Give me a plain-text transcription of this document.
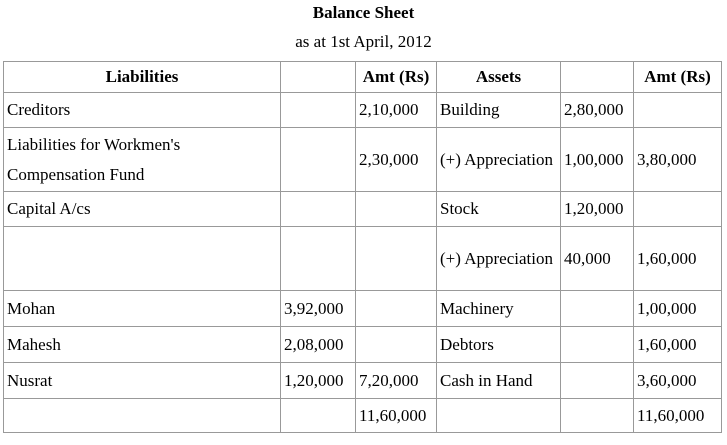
Balance Sheet
as at 1st April, 2012
Liabilities		Amt (Rs)	Assets		Amt (Rs)
Creditors		2,10,000	Building	2,80,000	
Liabilities for Workmen's Compensation Fund		2,30,000	(+) Appreciation	1,00,000	3,80,000
Capital A/cs			Stock	1,20,000	
			(+) Appreciation	40,000	1,60,000
Mohan	3,92,000		Machinery		1,00,000
Mahesh	2,08,000		Debtors		1,60,000
Nusrat	1,20,000	7,20,000	Cash in Hand		3,60,000
		11,60,000			11,60,000
